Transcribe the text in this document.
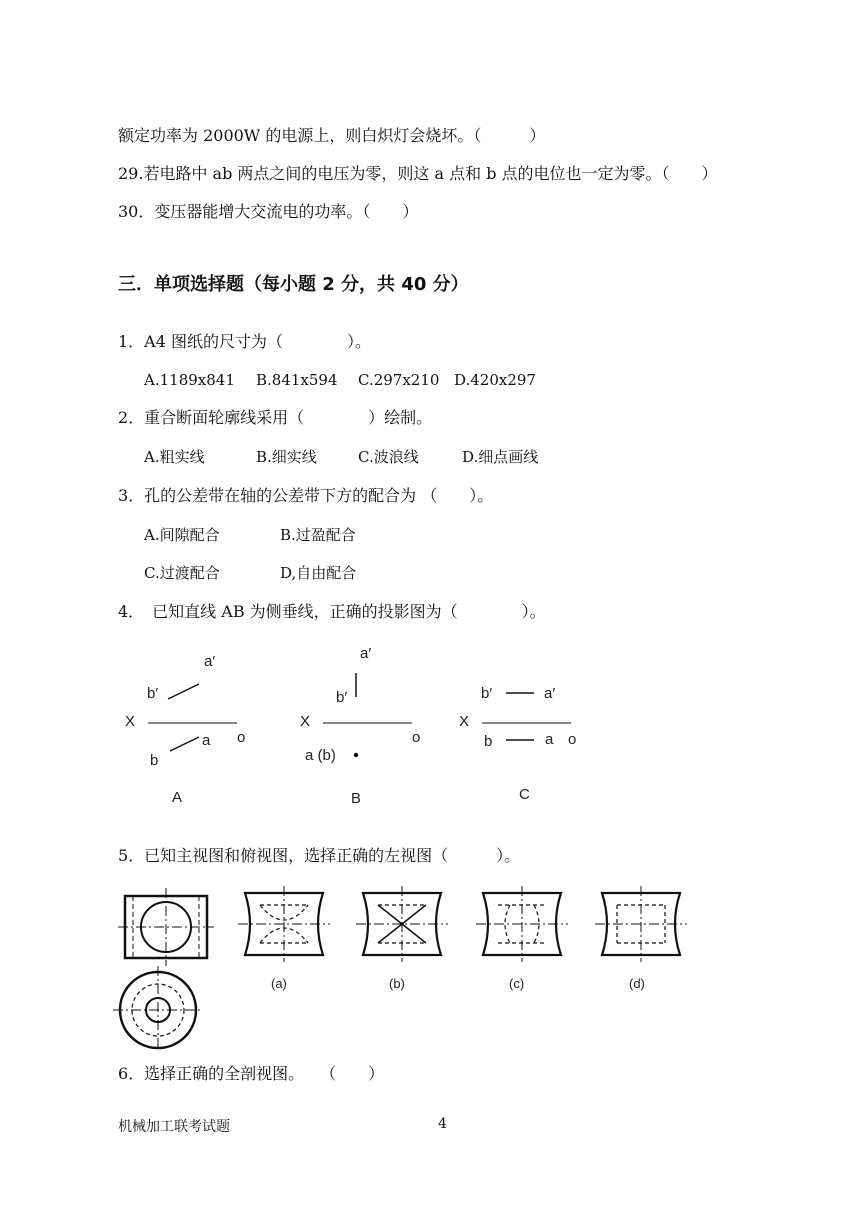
额定功率为 2000W 的电源上，则白炽灯会烧坏。（　　　）
29.若电路中 ab 两点之间的电压为零，则这 a 点和 b 点的电位也一定为零。（　　）
30．变压器能增大交流电的功率。（　　）
三．单项选择题（每小题 2 分，共 40 分）
1．A4 图纸的尺寸为（　　　　）。
A.1189x841 B.841x594 C.297x210 D.420x297
2．重合断面轮廓线采用（　　　　）绘制。
A.粗实线	B.细实线	C.波浪线	D.细点画线
3．孔的公差带在轴的公差带下方的配合为 （　　）。
A.间隙配合	B.过盈配合
C.过渡配合	D,自由配合
4．　已知直线 AB 为侧垂线，正确的投影图为（　　　　）。
X
a′
b′
a
b
o
A
X
a′
b′
a (b)
o
B
X
b′	a′
b	a o
C
5．已知主视图和俯视图，选择正确的左视图（　　　）。
(a)	(b)	(c)	(d)
6．选择正确的全剖视图。　　（　　）
机械加工联考试题	4
